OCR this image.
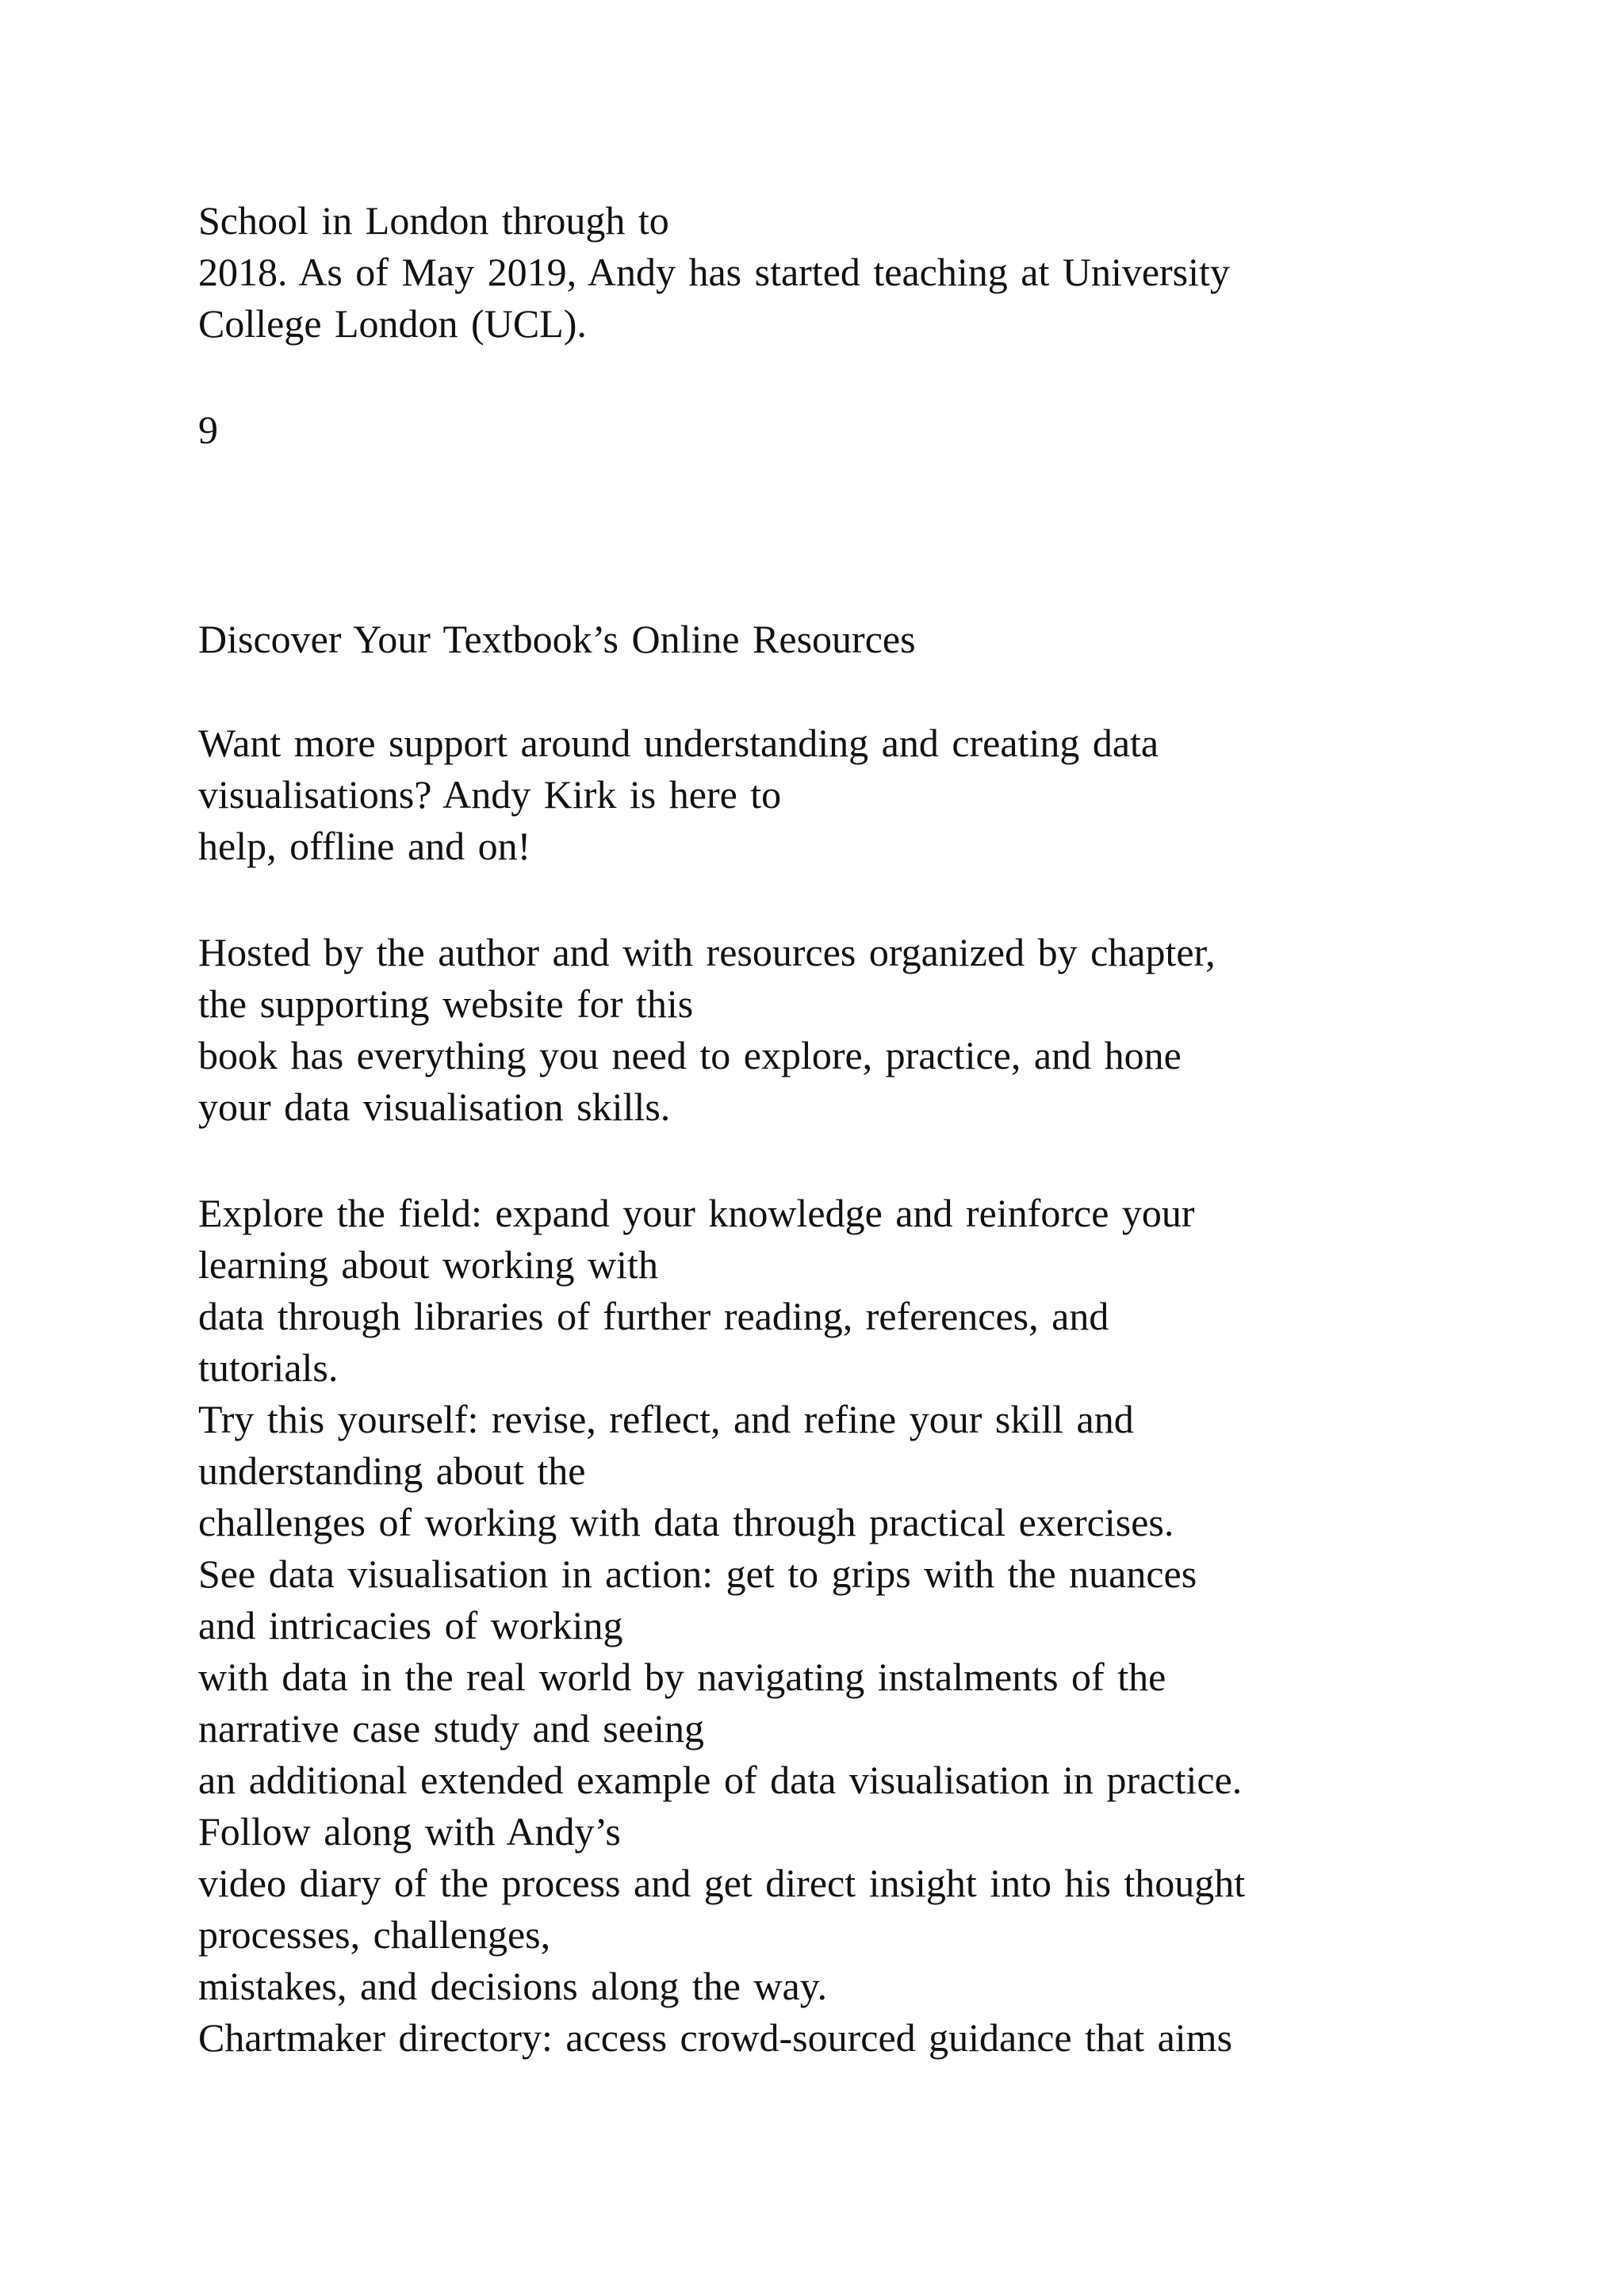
School in London through to
2018. As of May 2019, Andy has started teaching at University
College London (UCL).
9
Discover Your Textbook’s Online Resources
Want more support around understanding and creating data
visualisations? Andy Kirk is here to
help, offline and on!
Hosted by the author and with resources organized by chapter,
the supporting website for this
book has everything you need to explore, practice, and hone
your data visualisation skills.
Explore the field: expand your knowledge and reinforce your
learning about working with
data through libraries of further reading, references, and
tutorials.
Try this yourself: revise, reflect, and refine your skill and
understanding about the
challenges of working with data through practical exercises.
See data visualisation in action: get to grips with the nuances
and intricacies of working
with data in the real world by navigating instalments of the
narrative case study and seeing
an additional extended example of data visualisation in practice.
Follow along with Andy’s
video diary of the process and get direct insight into his thought
processes, challenges,
mistakes, and decisions along the way.
Chartmaker directory: access crowd-sourced guidance that aims
